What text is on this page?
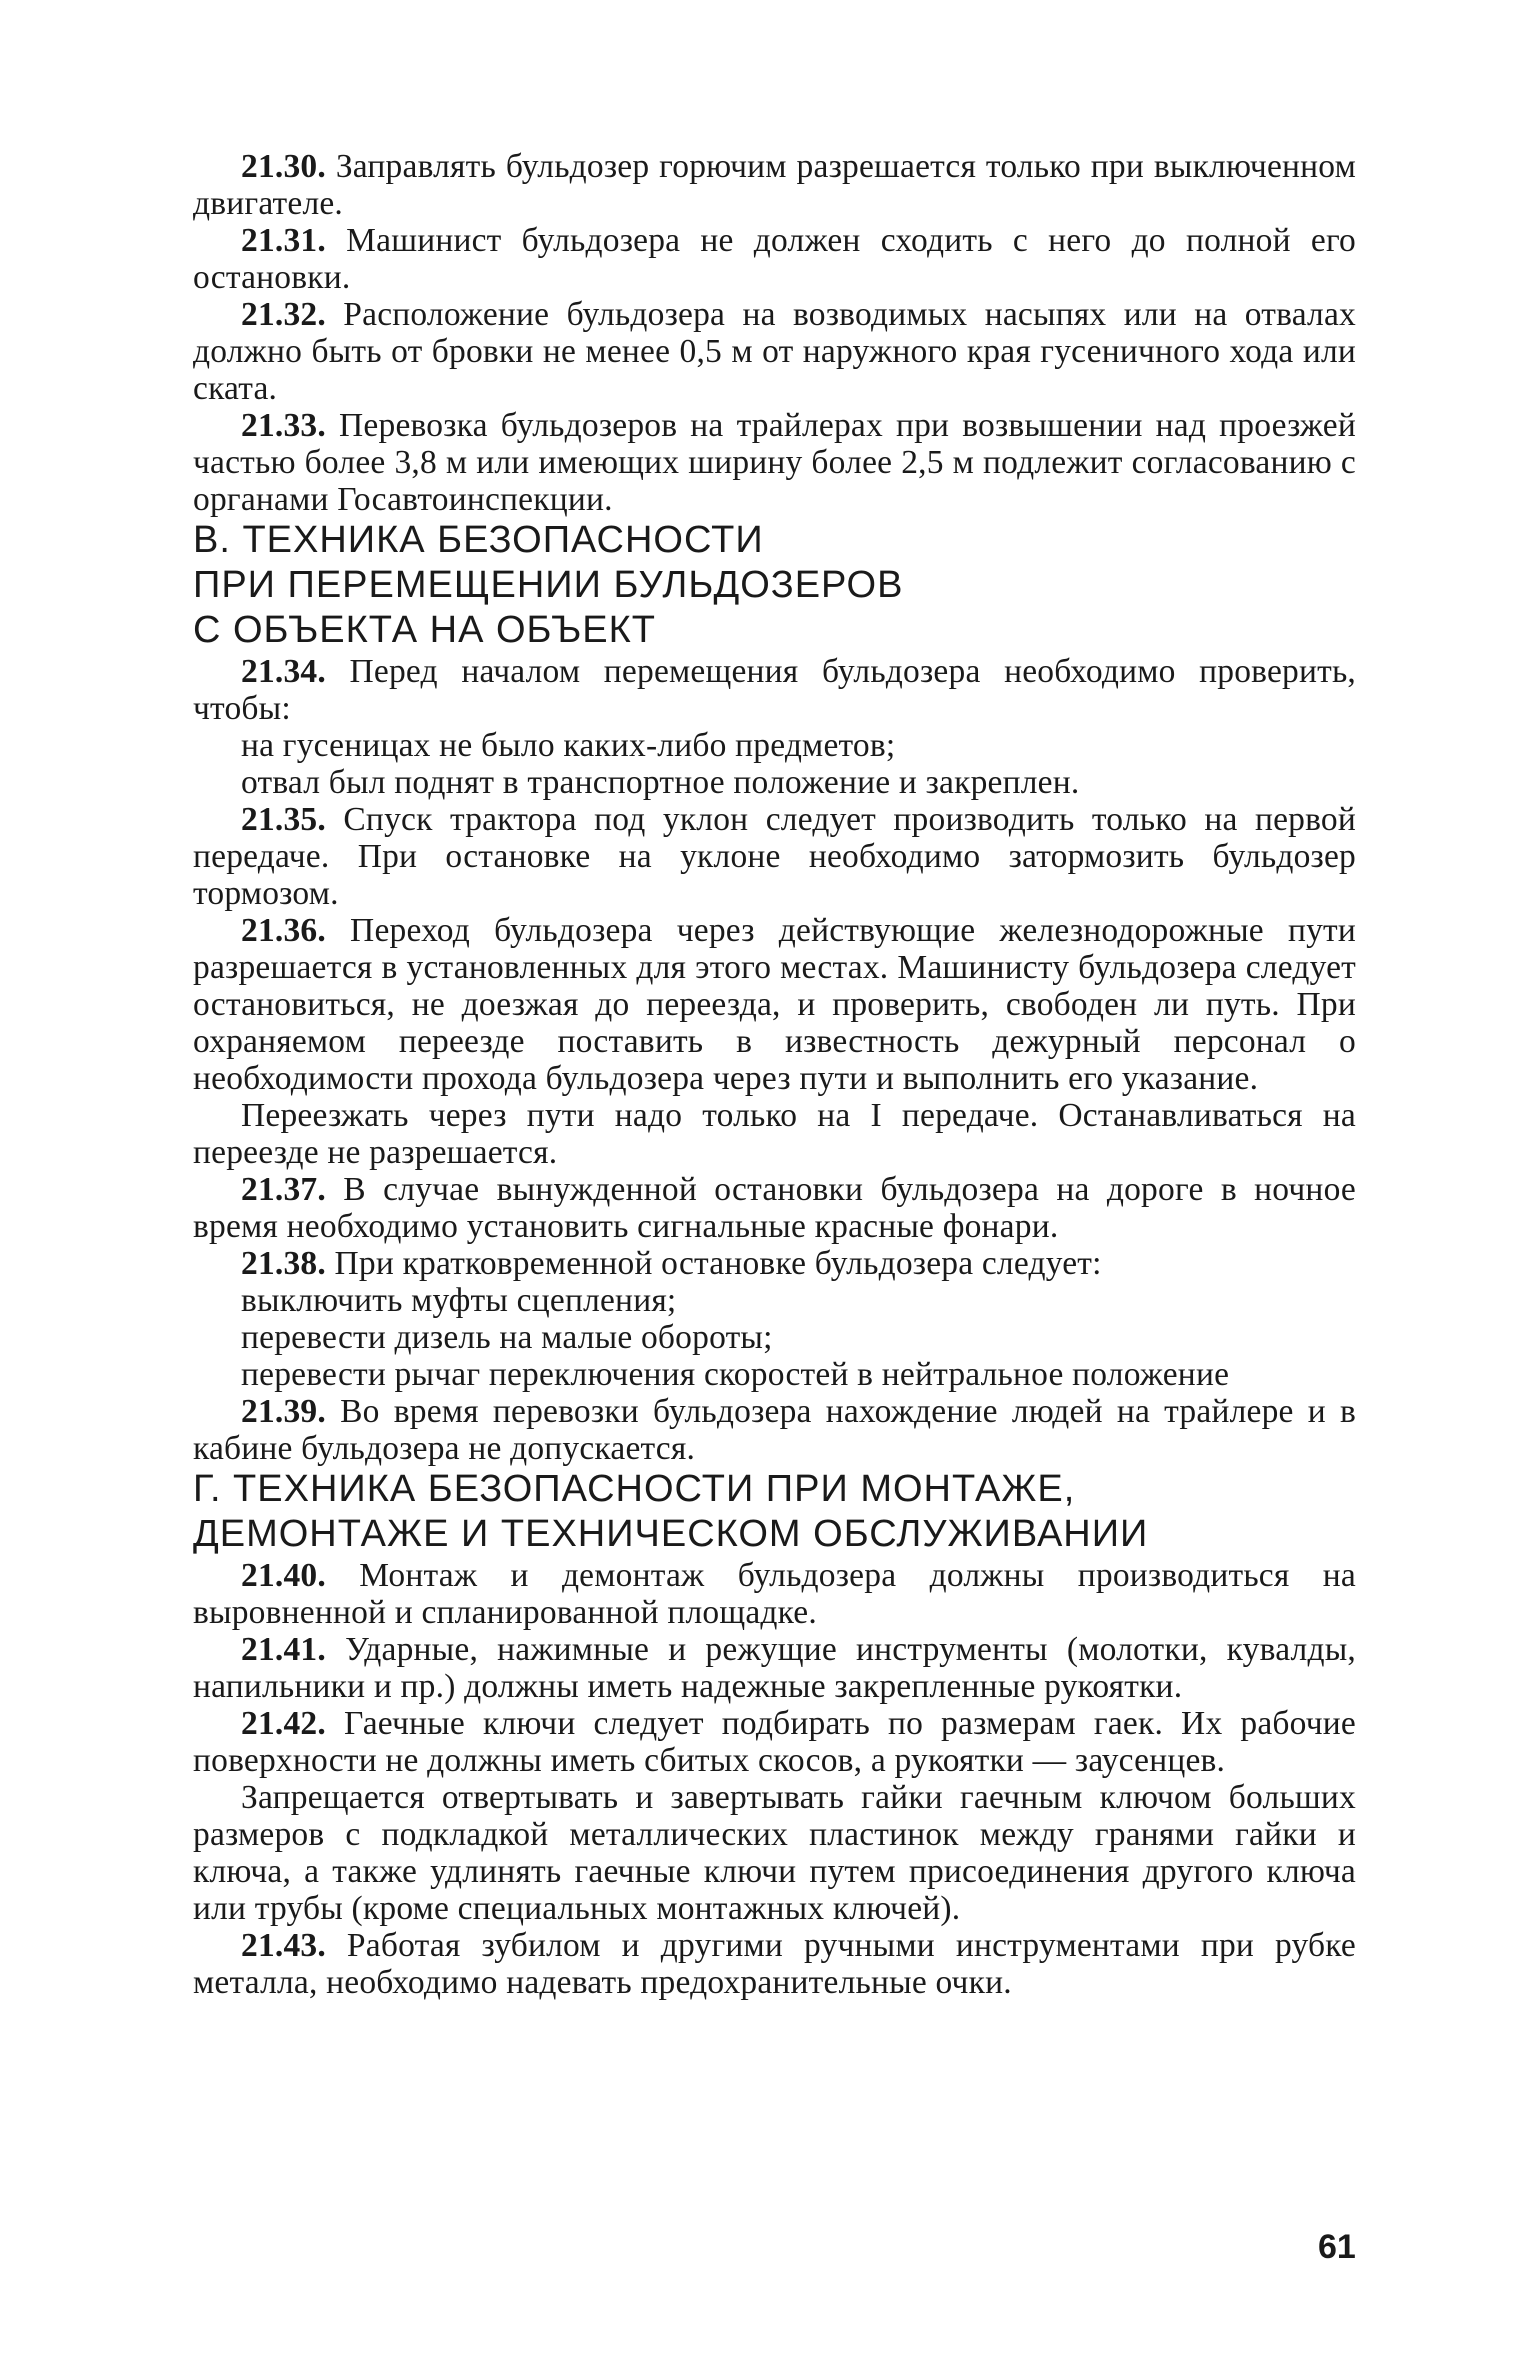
21.30. Заправлять бульдозер горючим разрешается только при выключенном двигателе.

21.31. Машинист бульдозера не должен сходить с него до полной его остановки.

21.32. Расположение бульдозера на возводимых насыпях или на отвалах должно быть от бровки не менее 0,5 м от наружного края гусеничного хода или ската.

21.33. Перевозка бульдозеров на трайлерах при возвышении над проезжей частью более 3,8 м или имеющих ширину более 2,5 м подлежит согласованию с органами Госавтоинспекции.

В. ТЕХНИКА БЕЗОПАСНОСТИ
ПРИ ПЕРЕМЕЩЕНИИ БУЛЬДОЗЕРОВ
С ОБЪЕКТА НА ОБЪЕКТ

21.34. Перед началом перемещения бульдозера необходимо проверить, чтобы:

на гусеницах не было каких-либо предметов;

отвал был поднят в транспортное положение и закреплен.

21.35. Спуск трактора под уклон следует производить только на первой передаче. При остановке на уклоне необходимо затормозить бульдозер тормозом.

21.36. Переход бульдозера через действующие железнодорожные пути разрешается в установленных для этого местах. Машинисту бульдозера следует остановиться, не доезжая до переезда, и проверить, свободен ли путь. При охраняемом переезде поставить в известность дежурный персонал о необходимости прохода бульдозера через пути и выполнить его указание.

Переезжать через пути надо только на I передаче. Останавливаться на переезде не разрешается.

21.37. В случае вынужденной остановки бульдозера на дороге в ночное время необходимо установить сигнальные красные фонари.

21.38. При кратковременной остановке бульдозера следует:

выключить муфты сцепления;

перевести дизель на малые обороты;

перевести рычаг переключения скоростей в нейтральное положение

21.39. Во время перевозки бульдозера нахождение людей на трайлере и в кабине бульдозера не допускается.

Г. ТЕХНИКА БЕЗОПАСНОСТИ ПРИ МОНТАЖЕ,
ДЕМОНТАЖЕ И ТЕХНИЧЕСКОМ ОБСЛУЖИВАНИИ

21.40. Монтаж и демонтаж бульдозера должны производиться на выровненной и спланированной площадке.

21.41. Ударные, нажимные и режущие инструменты (молотки, кувалды, напильники и пр.) должны иметь надежные закрепленные рукоятки.

21.42. Гаечные ключи следует подбирать по размерам гаек. Их рабочие поверхности не должны иметь сбитых скосов, а рукоятки — заусенцев.

Запрещается отвертывать и завертывать гайки гаечным ключом больших размеров с подкладкой металлических пластинок между гранями гайки и ключа, а также удлинять гаечные ключи путем присоединения другого ключа или трубы (кроме специальных монтажных ключей).

21.43. Работая зубилом и другими ручными инструментами при рубке металла, необходимо надевать предохранительные очки.

61
